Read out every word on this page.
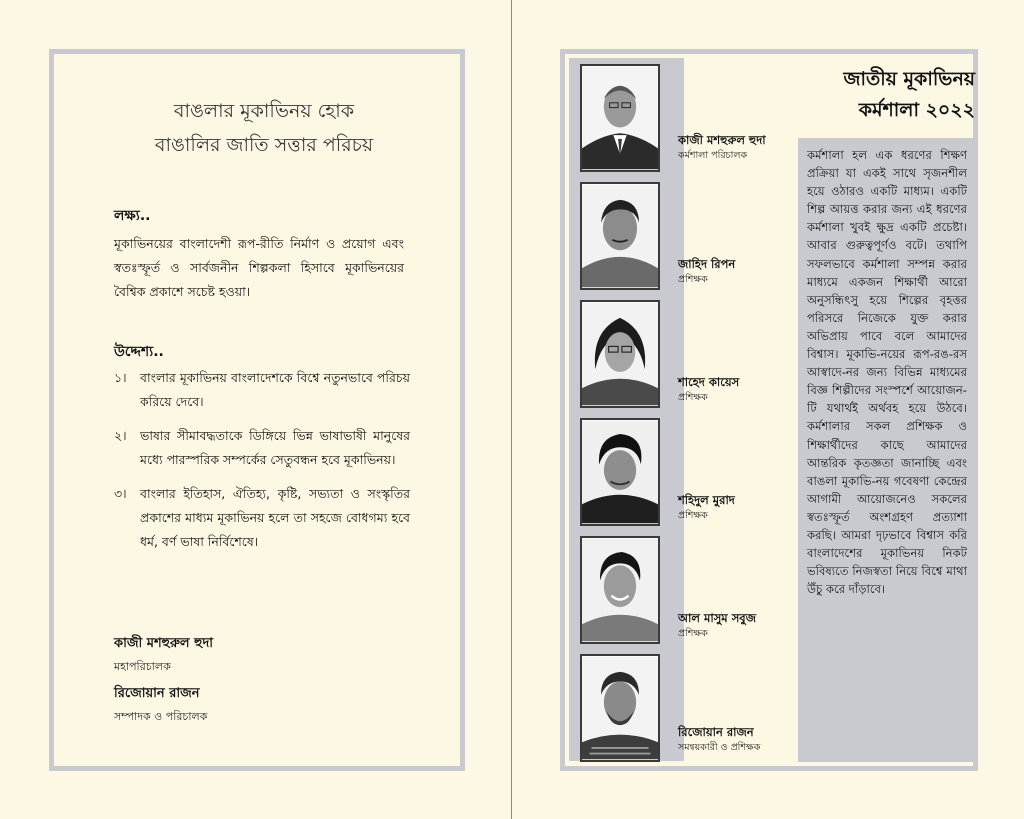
বাঙলার মূকাভিনয় হোক
বাঙালির জাতি সত্তার পরিচয়
লক্ষ্য..
মূকাভিনয়ের বাংলাদেশী রূপ-রীতি নির্মাণ ও প্রয়োগ এবং স্বতঃস্ফূর্ত ও সার্বজনীন শিল্পকলা হিসাবে মূকাভিনয়ের বৈশ্বিক প্রকাশে সচেষ্ট হওয়া।
উদ্দেশ্য..
১।	বাংলার মূকাভিনয় বাংলাদেশকে বিশ্বে নতুনভাবে পরিচয় করিয়ে দেবে।
২।	ভাষার সীমাবদ্ধতাকে ডিঙ্গিয়ে ভিন্ন ভাষাভাষী মানুষের মধ্যে পারস্পরিক সম্পর্কের সেতুবন্ধন হবে মূকাভিনয়।
৩।	বাংলার ইতিহাস, ঐতিহ্য, কৃষ্টি, সভ্যতা ও সংস্কৃতির প্রকাশের মাধ্যম মূকাভিনয় হলে তা সহজে বোধগম্য হবে ধর্ম, বর্ণ ভাষা নির্বিশেষে।
কাজী মশহুরুল হুদা
মহাপরিচালক
রিজোয়ান রাজন
সম্পাদক ও পরিচালক
জাতীয় মূকাভিনয়
কর্মশালা ২০২২
কর্মশালা হল এক ধরণের শিক্ষণ প্রক্রিয়া যা একই সাথে সৃজনশীল হয়ে ওঠারও একটি মাধ্যম। একটি শিল্প আয়ত্ত করার জন্য এই ধরণের কর্মশালা খুবই ক্ষুদ্র একটি প্রচেষ্টা। আবার গুরুত্বপূর্ণও বটে। তথাপি সফলভাবে কর্মশালা সম্পন্ন করার মাধ্যমে একজন শিক্ষার্থী আরো অনুসন্ধিৎসু হয়ে শিল্পের বৃহত্তর পরিসরে নিজেকে যুক্ত করার অভিপ্রায় পাবে বলে আমাদের বিশ্বাস। মূকাভি-নয়ের রূপ-রঙ-রস আস্বাদে-নর জন্য বিভিন্ন মাধ্যমের বিজ্ঞ শিল্পীদের সংস্পর্শে আয়োজন-টি যথার্থই অর্থবহ হয়ে উঠবে। কর্মশালার সকল প্রশিক্ষক ও শিক্ষার্থীদের কাছে আমাদের আন্তরিক কৃতজ্ঞতা জানাচ্ছি এবং বাঙলা মূকাভি-নয় গবেষণা কেন্দ্রের আগামী আয়োজনেও সকলের স্বতঃস্ফূর্ত অংশগ্রহণ প্রত্যাশা করছি। আমরা দৃঢ়ভাবে বিশ্বাস করি বাংলাদেশের মূকাভিনয় নিকট ভবিষ্যতে নিজস্বতা নিয়ে বিশ্বে মাথা উঁচু করে দাঁড়াবে।
কাজী মশহুরুল হুদা
কর্মশালা পরিচালক
জাহিদ রিপন
প্রশিক্ষক
শাহেদ কায়েস
প্রশিক্ষক
শহিদুল মুরাদ
প্রশিক্ষক
আল মাসুম সবুজ
প্রশিক্ষক
রিজোয়ান রাজন
সমন্বয়কারী ও প্রশিক্ষক
